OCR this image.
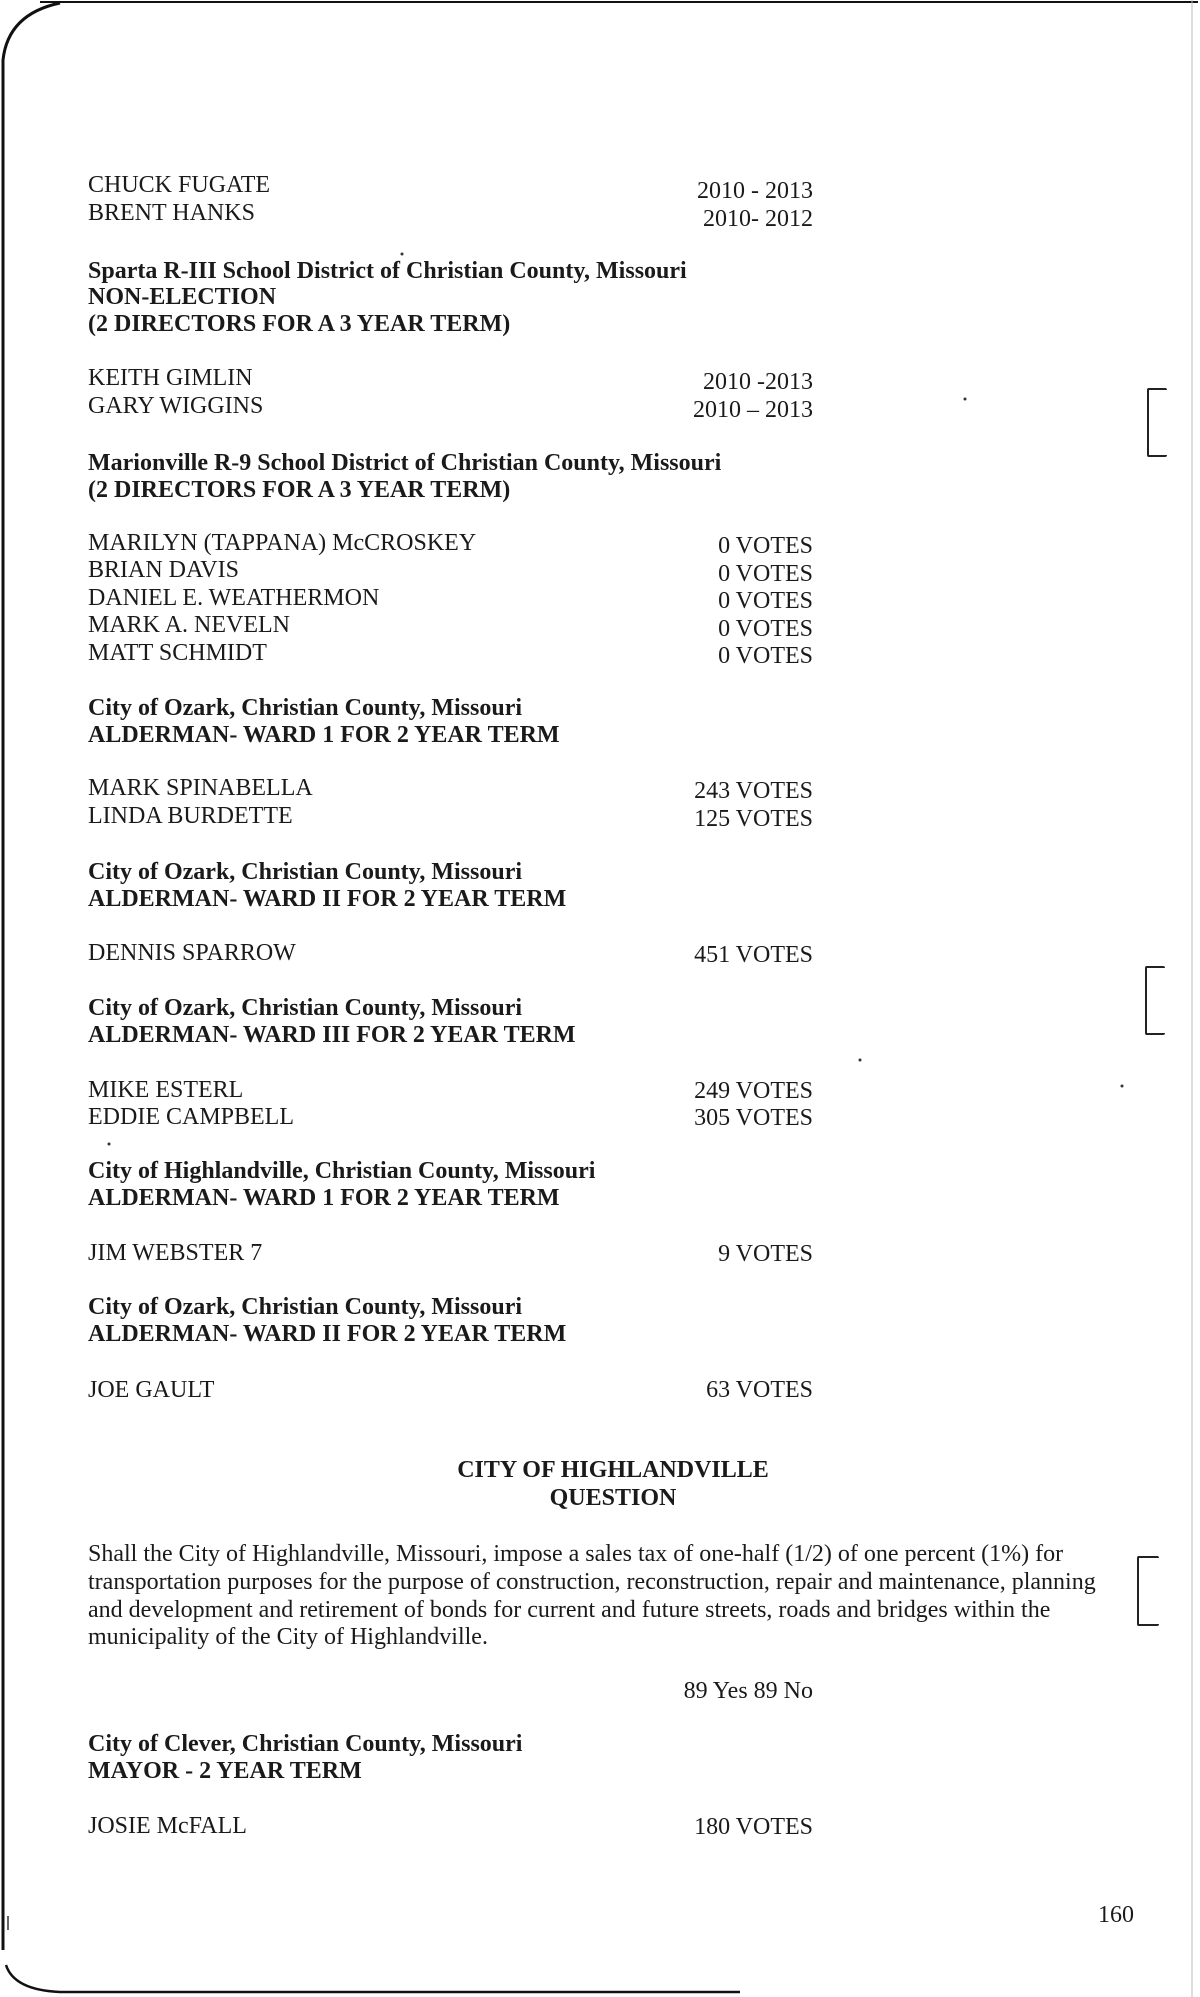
CHUCK FUGATE	2010 - 2013
BRENT HANKS	2010- 2012
Sparta R-III School District of Christian County, Missouri
NON-ELECTION
(2 DIRECTORS FOR A 3 YEAR TERM)
KEITH GIMLIN	2010 -2013
GARY WIGGINS	2010 – 2013
Marionville R-9 School District of Christian County, Missouri
(2 DIRECTORS FOR A 3 YEAR TERM)
MARILYN (TAPPANA) McCROSKEY	0 VOTES
BRIAN DAVIS	0 VOTES
DANIEL E. WEATHERMON	0 VOTES
MARK A. NEVELN	0 VOTES
MATT SCHMIDT	0 VOTES
City of Ozark, Christian County, Missouri
ALDERMAN- WARD 1 FOR 2 YEAR TERM
MARK SPINABELLA	243 VOTES
LINDA BURDETTE	125 VOTES
City of Ozark, Christian County, Missouri
ALDERMAN- WARD II FOR 2 YEAR TERM
DENNIS SPARROW	451 VOTES
City of Ozark, Christian County, Missouri
ALDERMAN- WARD III FOR 2 YEAR TERM
MIKE ESTERL	249 VOTES
EDDIE CAMPBELL	305 VOTES
City of Highlandville, Christian County, Missouri
ALDERMAN- WARD 1 FOR 2 YEAR TERM
JIM WEBSTER 7	9 VOTES
City of Ozark, Christian County, Missouri
ALDERMAN- WARD II FOR 2 YEAR TERM
JOE GAULT	63 VOTES
CITY OF HIGHLANDVILLE
QUESTION
Shall the City of Highlandville, Missouri, impose a sales tax of one-half (1/2) of one percent (1%) for
transportation purposes for the purpose of construction, reconstruction, repair and maintenance, planning
and development and retirement of bonds for current and future streets, roads and bridges within the
municipality of the City of Highlandville.
89 Yes 89 No
City of Clever, Christian County, Missouri
MAYOR - 2 YEAR TERM
JOSIE McFALL	180 VOTES
160
